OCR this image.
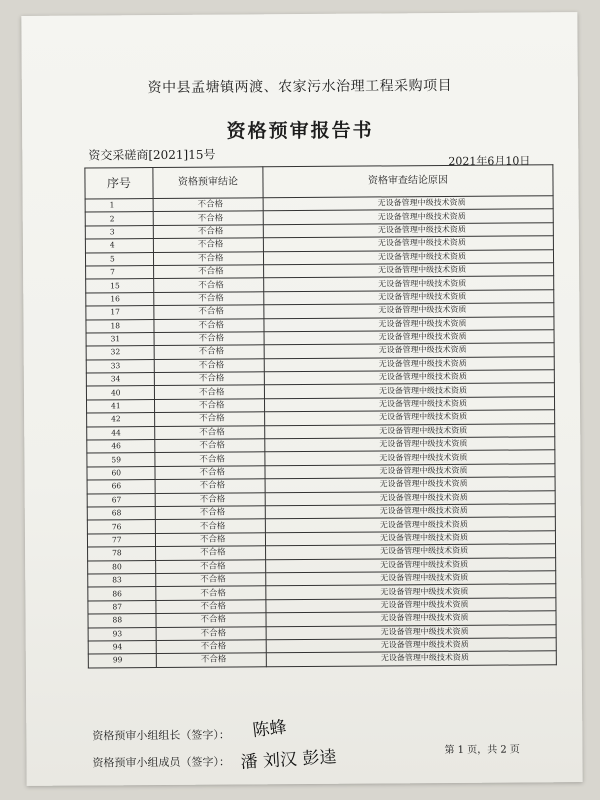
资中县孟塘镇两渡、农家污水治理工程采购项目
资格预审报告书
资交采磋商[2021]15号	2021年6月10日
序号	资格预审结论	资格审查结论原因
1	不合格	无设备管理中级技术资质
2	不合格	无设备管理中级技术资质
3	不合格	无设备管理中级技术资质
4	不合格	无设备管理中级技术资质
5	不合格	无设备管理中级技术资质
7	不合格	无设备管理中级技术资质
15	不合格	无设备管理中级技术资质
16	不合格	无设备管理中级技术资质
17	不合格	无设备管理中级技术资质
18	不合格	无设备管理中级技术资质
31	不合格	无设备管理中级技术资质
32	不合格	无设备管理中级技术资质
33	不合格	无设备管理中级技术资质
34	不合格	无设备管理中级技术资质
40	不合格	无设备管理中级技术资质
41	不合格	无设备管理中级技术资质
42	不合格	无设备管理中级技术资质
44	不合格	无设备管理中级技术资质
46	不合格	无设备管理中级技术资质
59	不合格	无设备管理中级技术资质
60	不合格	无设备管理中级技术资质
66	不合格	无设备管理中级技术资质
67	不合格	无设备管理中级技术资质
68	不合格	无设备管理中级技术资质
76	不合格	无设备管理中级技术资质
77	不合格	无设备管理中级技术资质
78	不合格	无设备管理中级技术资质
80	不合格	无设备管理中级技术资质
83	不合格	无设备管理中级技术资质
86	不合格	无设备管理中级技术资质
87	不合格	无设备管理中级技术资质
88	不合格	无设备管理中级技术资质
93	不合格	无设备管理中级技术资质
94	不合格	无设备管理中级技术资质
99	不合格	无设备管理中级技术资质
资格预审小组组长（签字）： 陈蜂
资格预审小组成员（签字）： 潘 刘汉 彭逵	第 1 页，共 2 页
